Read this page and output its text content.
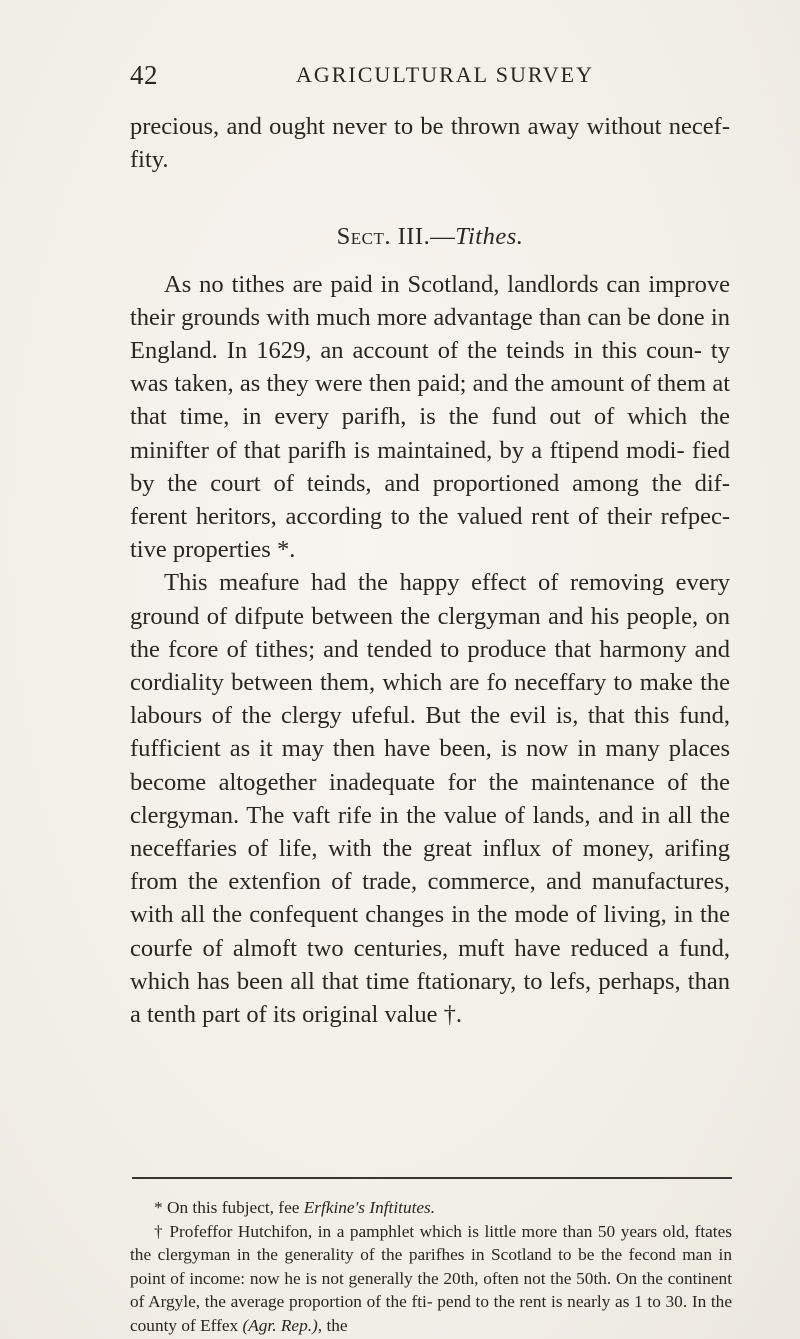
42	AGRICULTURAL SURVEY

precious, and ought never to be thrown away without necef- fity.

Sect. III.—Tithes.

As no tithes are paid in Scotland, landlords can improve their grounds with much more advantage than can be done in England. In 1629, an account of the teinds in this coun- ty was taken, as they were then paid; and the amount of them at that time, in every parifh, is the fund out of which the minifter of that parifh is maintained, by a ftipend modi- fied by the court of teinds, and proportioned among the dif- ferent heritors, according to the valued rent of their refpec- tive properties *.

This meafure had the happy effect of removing every ground of difpute between the clergyman and his people, on the fcore of tithes; and tended to produce that harmony and cordiality between them, which are fo neceffary to make the labours of the clergy ufeful. But the evil is, that this fund, fufficient as it may then have been, is now in many places become altogether inadequate for the maintenance of the clergyman. The vaft rife in the value of lands, and in all the neceffaries of life, with the great influx of money, arifing from the extenfion of trade, commerce, and manufactures, with all the confequent changes in the mode of living, in the courfe of almoft two centuries, muft have reduced a fund, which has been all that time ftationary, to lefs, perhaps, than a tenth part of its original value †.

* On this fubject, fee Erfkine's Inftitutes.

† Profeffor Hutchifon, in a pamphlet which is little more than 50 years old, ftates the clergyman in the generality of the parifhes in Scotland to be the fecond man in point of income: now he is not generally the 20th, often not the 50th. On the continent of Argyle, the average proportion of the fti- pend to the rent is nearly as 1 to 30. In the county of Effex (Agr. Rep.), the
